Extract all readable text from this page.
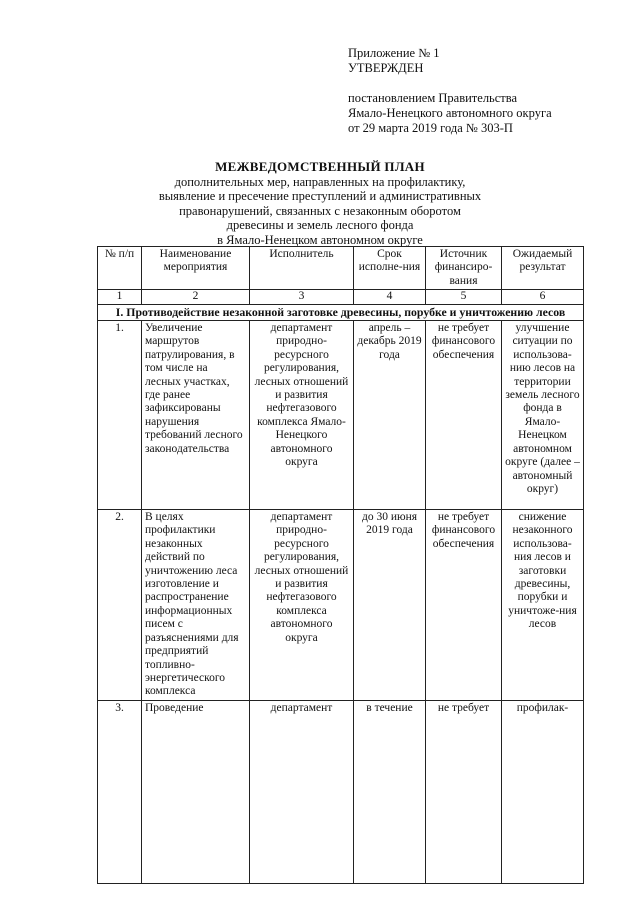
Приложение № 1
УТВЕРЖДЕН
постановлением Правительства
Ямало-Ненецкого автономного округа
от 29 марта 2019 года № 303-П
МЕЖВЕДОМСТВЕННЫЙ ПЛАН
дополнительных мер, направленных на профилактику,
выявление и пресечение преступлений и административных
правонарушений, связанных с незаконным оборотом
древесины и земель лесного фонда
в Ямало-Ненецком автономном округе
№ п/п	Наименование мероприятия	Исполнитель	Срок исполне-ния	Источник финансиро-вания	Ожидаемый результат
1	2	3	4	5	6
I. Противодействие незаконной заготовке древесины, порубке и уничтожению лесов					
1.	Увеличение маршрутов патрулирования, в том числе на лесных участках, где ранее зафиксированы нарушения требований лесного законодательства	департамент природно-ресурсного регулирования, лесных отношений и развития нефтегазового комплекса Ямало-Ненецкого автономного округа	апрель – декабрь 2019 года	не требует финансового обеспечения	улучшение ситуации по использова-нию лесов на территории земель лесного фонда в Ямало-Ненецком автономном округе (далее – автономный округ)
2.	В целях профилактики незаконных действий по уничтожению леса изготовление и распространение информационных писем с разъяснениями для предприятий топливно-энергетического комплекса	департамент природно-ресурсного регулирования, лесных отношений и развития нефтегазового комплекса автономного округа	до 30 июня 2019 года	не требует финансового обеспечения	снижение незаконного использова-ния лесов и заготовки древесины, порубки и уничтоже-ния лесов
3.	Проведение	департамент	в течение	не требует	профилак-
